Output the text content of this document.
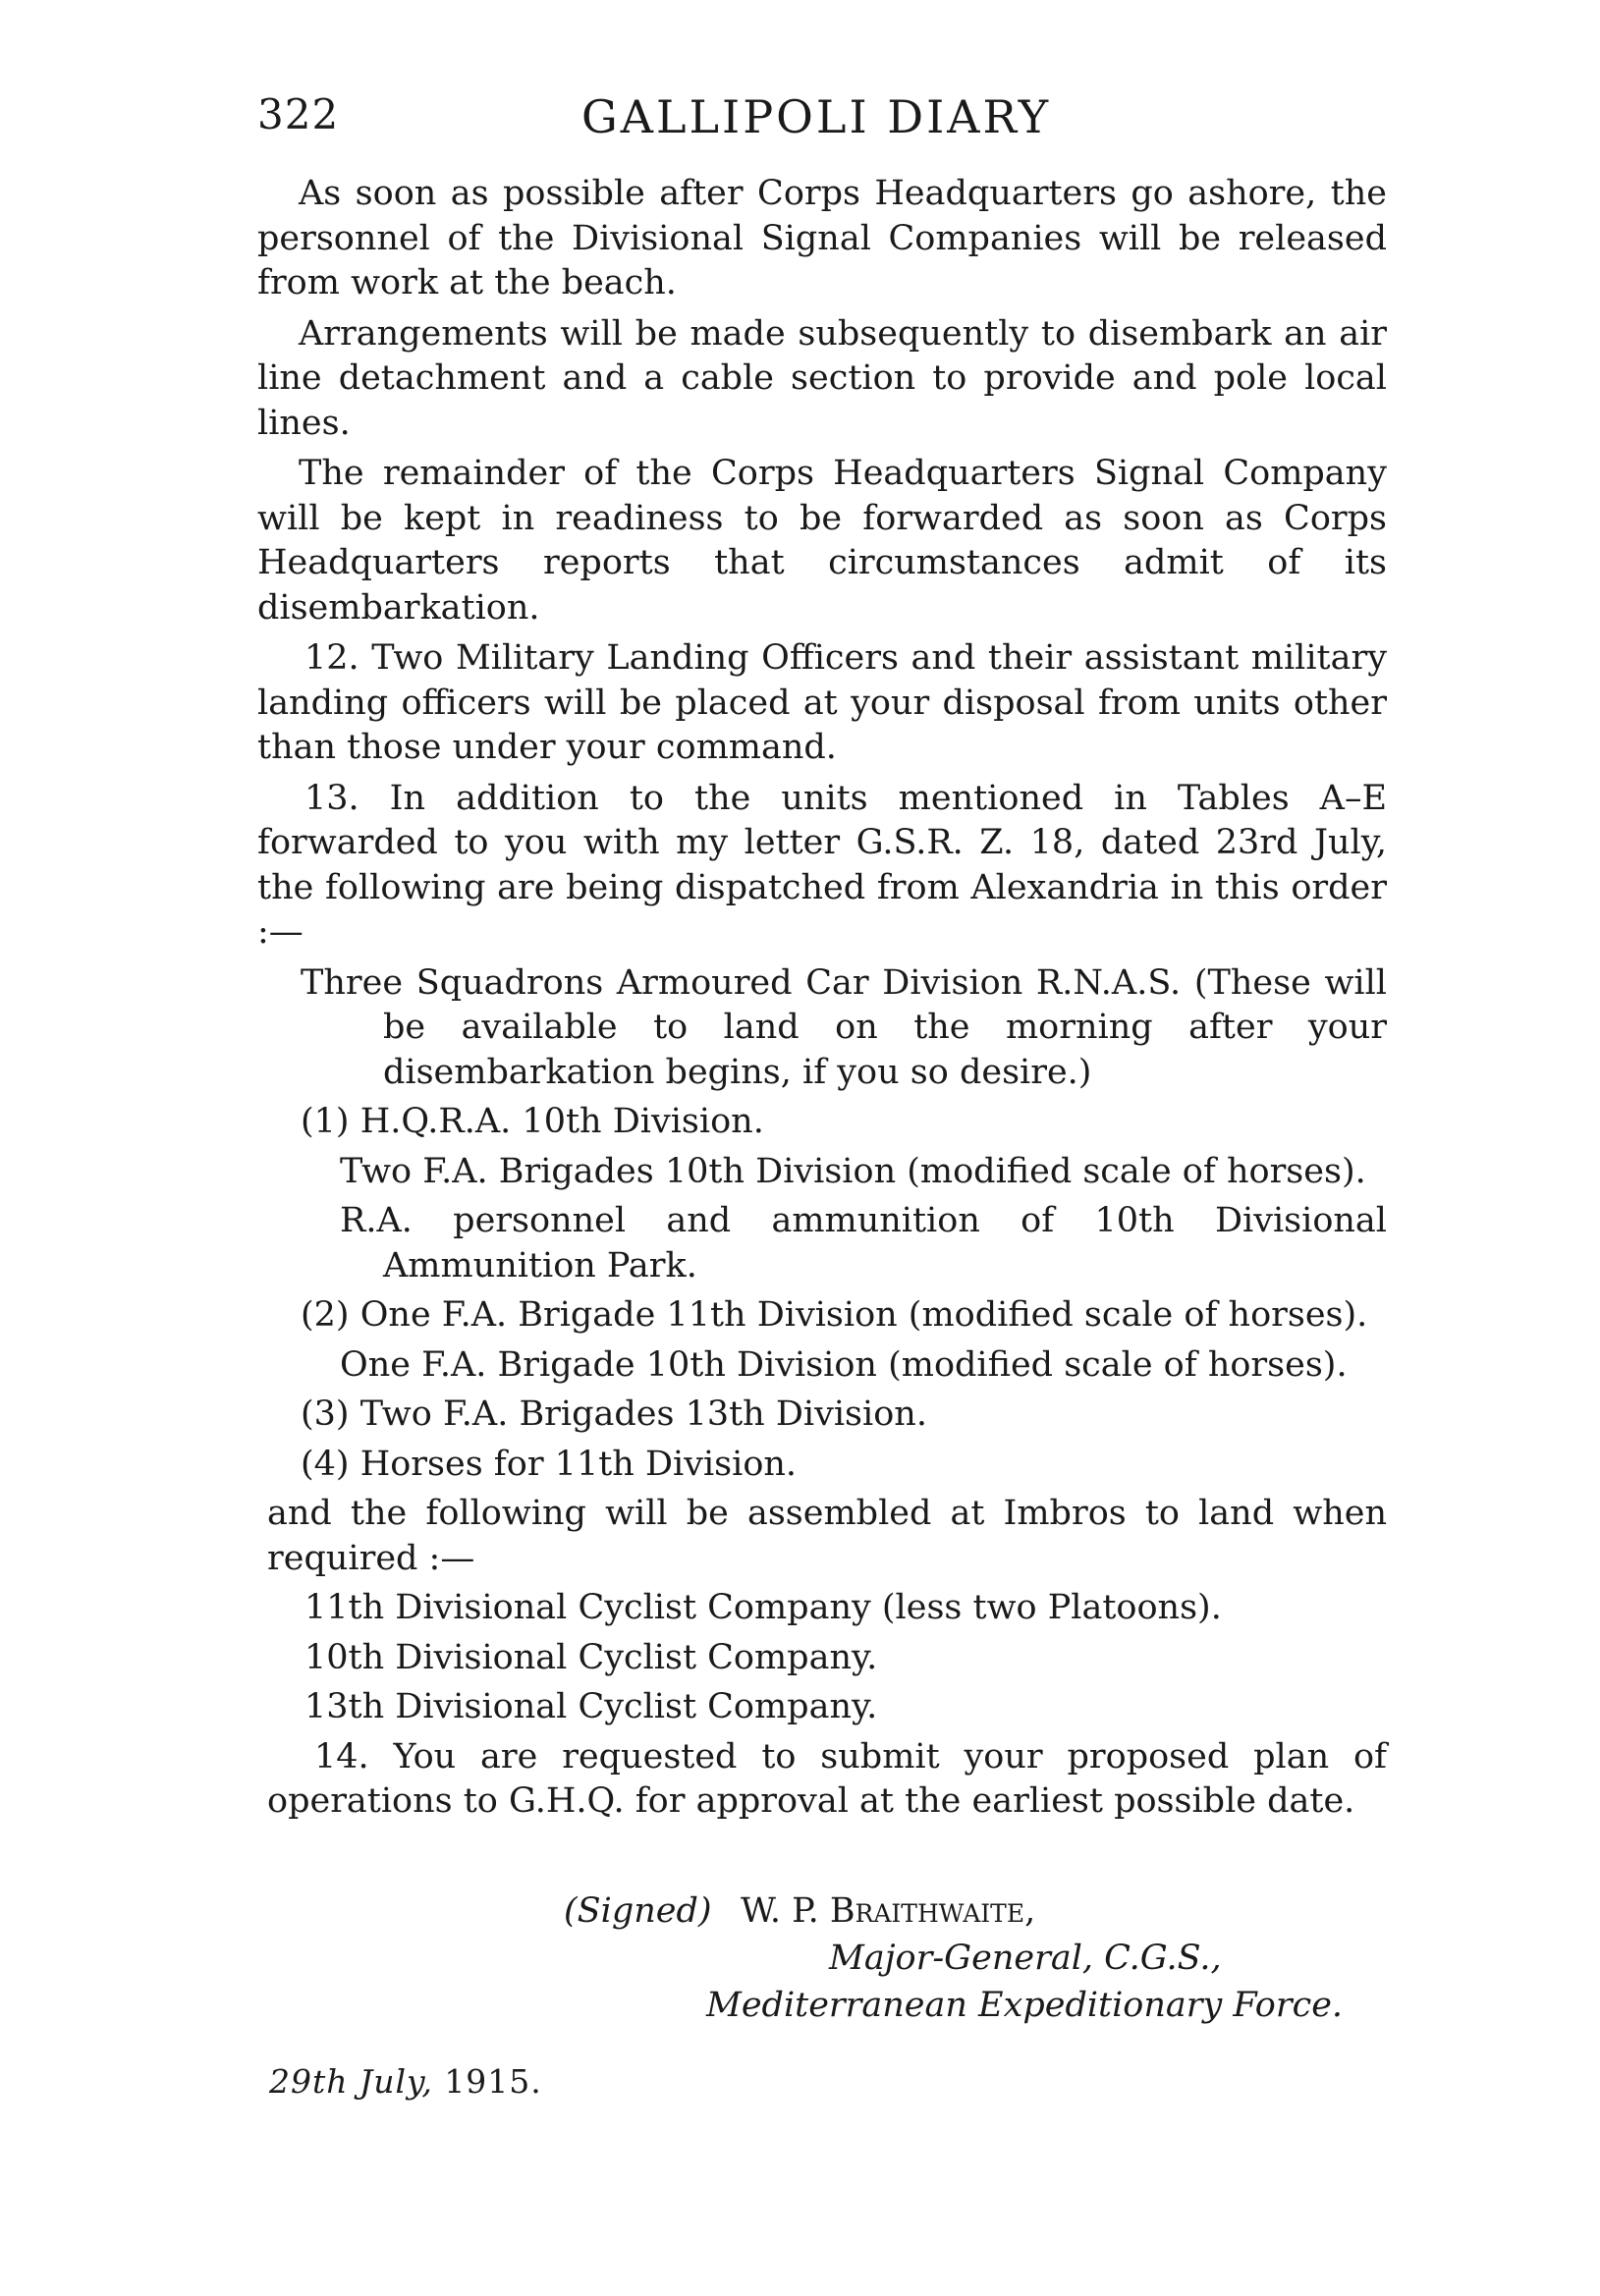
322	GALLIPOLI DIARY

As soon as possible after Corps Headquarters go ashore, the personnel of the Divisional Signal Companies will be released from work at the beach.

Arrangements will be made subsequently to disembark an air line detachment and a cable section to provide and pole local lines.

The remainder of the Corps Headquarters Signal Company will be kept in readiness to be forwarded as soon as Corps Headquarters reports that circumstances admit of its disembarkation.

12. Two Military Landing Officers and their assistant military landing officers will be placed at your disposal from units other than those under your command.

13. In addition to the units mentioned in Tables A–E forwarded to you with my letter G.S.R. Z. 18, dated 23rd July, the following are being dispatched from Alexandria in this order :—

Three Squadrons Armoured Car Division R.N.A.S. (These will be available to land on the morning after your disembarkation begins, if you so desire.)

(1) H.Q.R.A. 10th Division.

Two F.A. Brigades 10th Division (modified scale of horses).

R.A. personnel and ammunition of 10th Divisional Ammunition Park.

(2) One F.A. Brigade 11th Division (modified scale of horses).

One F.A. Brigade 10th Division (modified scale of horses).

(3) Two F.A. Brigades 13th Division.

(4) Horses for 11th Division.

and the following will be assembled at Imbros to land when required :—

11th Divisional Cyclist Company (less two Platoons).

10th Divisional Cyclist Company.

13th Divisional Cyclist Company.

14. You are requested to submit your proposed plan of operations to G.H.Q. for approval at the earliest possible date.

(Signed) W. P. Braithwaite,
Major-General, C.G.S.,
Mediterranean Expeditionary Force.
29th July, 1915.
